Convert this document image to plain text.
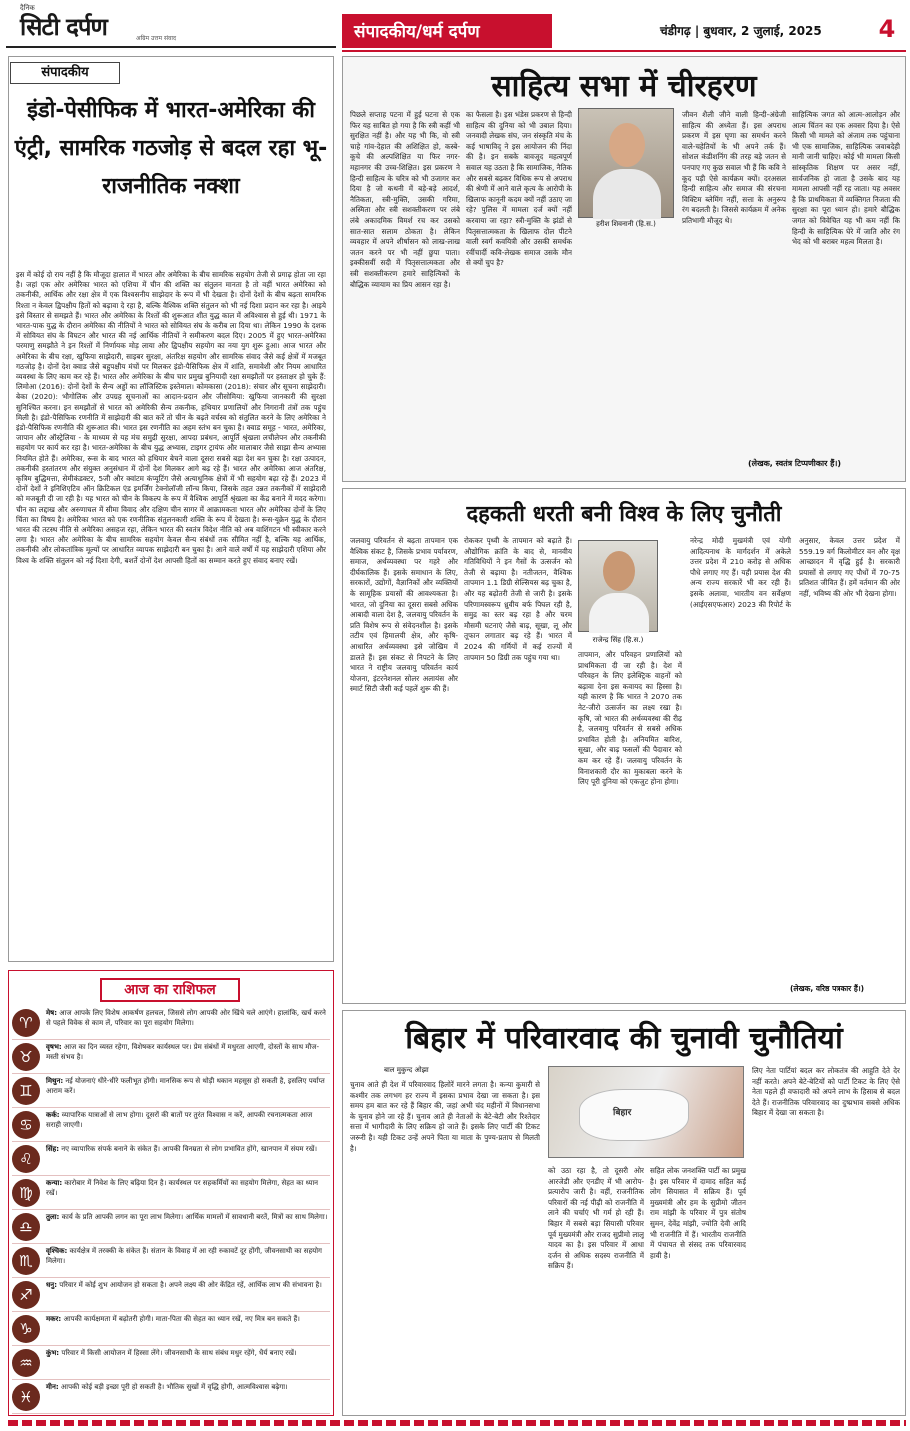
दैनिक
सिटी दर्पण	अग्रिम उत्तम संवाद	संपादकीय/धर्म दर्पण	चंडीगढ़ | बुधवार, 2 जुलाई, 2025	4
संपादकीय
इंडो-पेसीफिक में भारत-अमेरिका की एंट्री, सामरिक गठजोड़ से बदल रहा भू-राजनीतिक नक्शा
इस में कोई दो राय नहीं है कि मौजूदा हालात में भारत और अमेरिका के बीच सामरिक सहयोग तेजी से प्रगाढ़ होता जा रहा है। जहां एक ओर अमेरिका भारत को एशिया में चीन की शक्ति का संतुलन मानता है तो वहीं भारत अमेरिका को तकनीकी, आर्थिक और रक्षा क्षेत्र में एक विश्वसनीय साझेदार के रूप में भी देखता है। दोनों देशों के बीच बढ़ता सामरिक रिश्ता न केवल द्विपक्षीय हितों को बढ़ावा दे रहा है, बल्कि वैश्विक शक्ति संतुलन को भी नई दिशा प्रदान कर रहा है। आइये इसे विस्तार से समझते हैं। भारत और अमेरिका के रिश्तों की शुरूआत शीत युद्ध काल में अविश्वास से हुई थी। 1971 के भारत-पाक युद्ध के दौरान अमेरिका की नीतियों ने भारत को सोवियत संघ के करीब ला दिया था। लेकिन 1990 के दशक में सोवियत संघ के विघटन और भारत की नई आर्थिक नीतियों ने समीकरण बदल दिए। 2005 में हुए भारत-अमेरिका परमाणु समझौते ने इन रिश्तों में निर्णायक मोड़ लाया और द्विपक्षीय सहयोग का नया युग शुरू हुआ। आज भारत और अमेरिका के बीच रक्षा, खुफिया साझेदारी, साइबर सुरक्षा, अंतरिक्ष सहयोग और सामरिक संवाद जैसे कई क्षेत्रों में मजबूत गठजोड़ है। दोनों देश क्वाड जैसे बहुपक्षीय मंचों पर मिलकर इंडो-पैसिफिक क्षेत्र में शांति, समावेशी और नियम आधारित व्यवस्था के लिए काम कर रहे हैं। भारत और अमेरिका के बीच चार प्रमुख बुनियादी रक्षा समझौतों पर हस्ताक्षर हो चुके हैं: लिमोआ (2016): दोनों देशों के सैन्य अड्डों का लॉजिस्टिक इस्तेमाल। कोमकासा (2018): संचार और सूचना साझेदारी। बेका (2020): भौगोलिक और उपग्रह सूचनाओं का आदान-प्रदान और जीसोमिया: खुफिया जानकारी की सुरक्षा सुनिश्चित करना। इन समझौतों से भारत को अमेरिकी सैन्य तकनीक, हथियार प्रणालियों और निगरानी तंत्रों तक पहुंच मिली है। इंडो-पैसिफिक रणनीति में साझेदारी की बात करें तो चीन के बढ़ते वर्चस्व को संतुलित करने के लिए अमेरिका ने इंडो-पैसिफिक रणनीति की शुरूआत की। भारत इस रणनीति का अहम स्तंभ बन चुका है। क्वाड समूह - भारत, अमेरिका, जापान और ऑस्ट्रेलिया - के माध्यम से यह मंच समुद्री सुरक्षा, आपदा प्रबंधन, आपूर्ति श्रृंखला लचीलेपन और तकनीकी सहयोग पर कार्य कर रहा है। भारत-अमेरिका के बीच युद्ध अभ्यास, टाइगर ट्रायंफ और मालाबार जैसे साझा सैन्य अभ्यास नियमित होते हैं। अमेरिका, रूस के बाद भारत को हथियार बेचने वाला दूसरा सबसे बड़ा देश बन चुका है। रक्षा उत्पादन, तकनीकी हस्तांतरण और संयुक्त अनुसंधान में दोनों देश मिलकर आगे बढ़ रहे हैं। भारत और अमेरिका आज अंतरिक्ष, कृत्रिम बुद्धिमत्ता, सेमीकंडक्टर, 5जी और क्वांटम कंप्यूटिंग जैसे अत्याधुनिक क्षेत्रों में भी सहयोग बढ़ा रहे हैं। 2023 में दोनों देशों ने इनिशिएटिव ऑन क्रिटिकल एंड इमर्जिंग टेक्नोलॉजी लॉन्च किया, जिसके तहत उन्नत तकनीकों में साझेदारी को मजबूती दी जा रही है। यह भारत को चीन के विकल्प के रूप में वैश्विक आपूर्ति श्रृंखला का केंद्र बनाने में मदद करेगा। चीन का लद्दाख और अरुणाचल में सीमा विवाद और दक्षिण चीन सागर में आक्रामकता भारत और अमेरिका दोनों के लिए चिंता का विषय है। अमेरिका भारत को एक रणनीतिक संतुलनकारी शक्ति के रूप में देखता है। रूस-यूक्रेन युद्ध के दौरान भारत की तटस्थ नीति से अमेरिका असहज रहा, लेकिन भारत की स्वतंत्र विदेश नीति को अब वाशिंगटन भी स्वीकार करने लगा है। भारत और अमेरिका के बीच सामरिक सहयोग केवल सैन्य संबंधों तक सीमित नहीं है, बल्कि यह आर्थिक, तकनीकी और लोकतांत्रिक मूल्यों पर आधारित व्यापक साझेदारी बन चुका है। आने वाले वर्षों में यह साझेदारी एशिया और विश्व के शक्ति संतुलन को नई दिशा देगी, बशर्ते दोनों देश आपसी हितों का सम्मान करते हुए संवाद बनाए रखें।
आज का राशिफल
♈
मेष: आज आपके लिए विशेष आकर्षण हलचल, जिससे लोग आपकी ओर खिंचे चले आएंगे। हालांकि, खर्च करने से पहले विवेक से काम लें, परिवार का पूरा सहयोग मिलेगा।
♉
वृषभ: आज का दिन व्यस्त रहेगा, विशेषकर कार्यस्थल पर। प्रेम संबंधों में मधुरता आएगी, दोस्तों के साथ मौज-मस्ती संभव है।
♊
मिथुन: नई योजनाएं धीरे-धीरे फलीभूत होंगी। मानसिक रूप से थोड़ी थकान महसूस हो सकती है, इसलिए पर्याप्त आराम करें।
♋
कर्क: व्यापारिक यात्राओं से लाभ होगा। दूसरों की बातों पर तुरंत विश्वास न करें, आपकी रचनात्मकता आज सराही जाएगी।
♌
सिंह: नए व्यापारिक संपर्क बनाने के संकेत हैं। आपकी विनम्रता से लोग प्रभावित होंगे, खानपान में संयम रखें।
♍
कन्या: कारोबार में निवेश के लिए बढ़िया दिन है। कार्यस्थल पर सहकर्मियों का सहयोग मिलेगा, सेहत का ध्यान रखें।
♎
तुला: कार्य के प्रति आपकी लगन का पूरा लाभ मिलेगा। आर्थिक मामलों में सावधानी बरतें, मित्रों का साथ मिलेगा।
♏
वृश्चिक: कार्यक्षेत्र में तरक्की के संकेत हैं। संतान के विवाह में आ रही रुकावटें दूर होंगी, जीवनसाथी का सहयोग मिलेगा।
♐
धनु: परिवार में कोई शुभ आयोजन हो सकता है। अपने लक्ष्य की ओर केंद्रित रहें, आर्थिक लाभ की संभावना है।
♑
मकर: आपकी कार्यक्षमता में बढ़ोतरी होगी। माता-पिता की सेहत का ध्यान रखें, नए मित्र बन सकते हैं।
♒
कुंभ: परिवार में किसी आयोजन में हिस्सा लेंगे। जीवनसाथी के साथ संबंध मधुर रहेंगे, धैर्य बनाए रखें।
♓
मीन: आपकी कोई बड़ी इच्छा पूरी हो सकती है। भौतिक सुखों में वृद्धि होगी, आत्मविश्वास बढ़ेगा।
साहित्य सभा में चीरहरण
पिछले सप्ताह पटना में हुई घटना से एक फिर यह साबित हो गया है कि स्त्री कहीं भी सुरक्षित नहीं है। और यह भी कि, वो स्त्री चाहे गांव-देहात की अशिक्षित हो, कस्बे-कूचे की अल्पशिक्षित या फिर नगर-महानगर की उच्च-शिक्षित। इस प्रकरण ने हिन्दी साहित्य के चरित्र को भी उजागर कर दिया है जो कथनी में बड़े-बड़े आदर्श, नैतिकता, स्त्री-मुक्ति, उसकी गरिमा, अस्मिता और स्त्री सशक्तीकरण पर लंबे लंबे अकादमिक विमर्श रच कर उसको सात-सात सलाम ठोकता है। लेकिन व्यवहार में अपने शीर्षासन को लाख-लाख जतन करने पर भी नहीं छुपा पाता। इक्कीसवीं सदी में पितृसत्तात्मकता और स्त्री सशक्तीकरण हमारे साहित्यिकों के बौद्धिक व्यायाम का प्रिय आसन रहा है।
का फैसला है। इस भंडेस प्रकरण से हिन्दी साहित्य की दुनिया को भी उबाल दिया। जनवादी लेखक संघ, जन संस्कृति मंच के कई भाषाविद् ने इस आयोजन की निंदा की है। इन सबके बावजूद महत्वपूर्ण सवाल यह उठता है कि सामाजिक, नैतिक और सबसे बढ़कर विधिक रूप से अपराध की श्रेणी में आने वाले कृत्य के आरोपी के खिलाफ कानूनी कदम क्यों नहीं उठाए जा रहे? पुलिस में मामला दर्ज क्यों नहीं करवाया जा रहा? स्त्री-मुक्ति के झंडों से पितृसत्तात्मकता के खिलाफ दोल पीटने वाली स्वर्ग कवयित्री और उसकी समर्थक रवींचार्दी कवि-लेखक समाज उसके मौन से क्यों चुप है?
हरीश शिवनानी (हि.स.)
जीवन शैली जीने वाली हिन्दी-अंग्रेजी साहित्य की अध्येता हैं। इस अपराध प्रकरण में इस घृणा का समर्थन करने वाले-चहेतियों के भी अपने तर्क हैं। सोशल कंडीशनिंग की तरह बड़े जतन से पनपाए गए कुछ सवाल भी हैं कि कवि ने कूद पड़ी ऐसे कार्यक्रम क्यों। दरअसल हिन्दी साहित्य और समाज की संरचना विक्टिम ब्लेमिंग नहीं, सत्ता के अनुरूप रंग बदलती है। जिससे कार्यक्रम में अनेक प्रतिभागी मौजूद थे।
साहित्यिक जगत को आत्म-आलोड़न और आत्म चिंतन का एक अवसर दिया है। ऐसे किसी भी मामले को अंजाम तक पहुंचाना भी एक सामाजिक, साहित्यिक जवाबदेही मानी जानी चाहिए। कोई भी मामला किसी सांस्कृतिक शिक्षण पर असर नहीं, सार्वजनिक हो जाता है उसके बाद यह मामला आपसी नहीं रह जाता। यह अवसर है कि प्राथमिकता में व्यक्तिगत निजता की सुरक्षा का पूरा ध्यान हो। हमारे बौद्धिक जगत को विवेचित यह भी कम नहीं कि हिन्दी के साहित्यिक घेरे में जाति और रंग भेद को भी बराबर महत्व मिलता है।
(लेखक, स्वतंत्र टिप्पणीकार हैं।)
दहकती धरती बनी विश्व के लिए चुनौती
जलवायु परिवर्तन से बढ़ता तापमान एक वैश्विक संकट है, जिसके प्रभाव पर्यावरण, समाज, अर्थव्यवस्था पर गहरे और दीर्घकालिक हैं। इसके समाधान के लिए, सरकारों, उद्योगों, वैज्ञानिकों और व्यक्तियों के सामूहिक प्रयासों की आवश्यकता है। भारत, जो दुनिया का दूसरा सबसे अधिक आबादी वाला देश है, जलवायु परिवर्तन के प्रति विशेष रूप से संवेदनशील है। इसके तटीय एवं हिमालयी क्षेत्र, और कृषि-आधारित अर्थव्यवस्था इसे जोखिम में डालते हैं। इस संकट से निपटने के लिए भारत ने राष्ट्रीय जलवायु परिवर्तन कार्य योजना, इंटरनेशनल सोलर अलायंस और स्मार्ट सिटी जैसी कई पहलें शुरू की हैं।
रोककर पृथ्वी के तापमान को बढ़ाते हैं। औद्योगिक क्रांति के बाद से, मानवीय गतिविधियों ने इन गैसों के उत्सर्जन को तेजी से बढ़ाया है। नतीजतन, वैश्विक तापमान 1.1 डिग्री सेल्सियस बढ़ चुका है, और यह बढ़ोतरी तेजी से जारी है। इसके परिणामस्वरूप ध्रुवीय बर्फ पिघल रही है, समुद्र का स्तर बढ़ रहा है और चरम मौसमी घटनाएं जैसे बाढ़, सूखा, लू और तूफान लगातार बढ़ रहे हैं। भारत में 2024 की गर्मियों में कई राज्यों में तापमान 50 डिग्री तक पहुंच गया था।
राजेन्द्र सिंह (हि.स.)
तापमान, और परिवहन प्रणालियों को प्राथमिकता दी जा रही है। देश में परिवहन के लिए इलेक्ट्रिक वाहनों को बढ़ावा देना इस कवायद का हिस्सा है। यही कारण है कि भारत ने 2070 तक नेट-जीरो उत्सर्जन का लक्ष्य रखा है। कृषि, जो भारत की अर्थव्यवस्था की रीढ़ है, जलवायु परिवर्तन से सबसे अधिक प्रभावित होती है। अनियमित बारिश, सूखा, और बाढ़ फसलों की पैदावार को कम कर रहे हैं। जलवायु परिवर्तन के विनाशकारी दौर का मुकाबला करने के लिए पूरी दुनिया को एकजुट होना होगा।
नरेन्द्र मोदी मुखमंत्री एवं योगी आदित्यनाथ के मार्गदर्शन में अकेले उत्तर प्रदेश में 210 करोड़ से अधिक पौधे लगाए गए हैं। यही प्रयास देश की अन्य राज्य सरकारें भी कर रही हैं। इसके अलावा, भारतीय वन सर्वेक्षण (आईएसएफआर) 2023 की रिपोर्ट के अनुसार, केवल उत्तर प्रदेश में 559.19 वर्ग किलोमीटर वन और वृक्ष आच्छादन में वृद्धि हुई है। सरकारी प्रयासों से लगाए गए पौधों में 70-75 प्रतिशत जीवित हैं। हमें वर्तमान की ओर नहीं, भविष्य की ओर भी देखना होगा।
(लेखक, वरिष्ठ पत्रकार हैं।)
बिहार में परिवारवाद की चुनावी चुनौतियां
बाल मुकुन्द ओझा
चुनाव आते ही देश में परिवारवाद हिलोरें मारने लगता है। कन्या कुमारी से कश्मीर तक लगभग हर राज्य में इसका प्रभाव देखा जा सकता है। इस समय हम बात कर रहे हैं बिहार की, जहां अभी चंद महीनों में विधानसभा के चुनाव होने जा रहे हैं। चुनाव आते ही नेताओं के बेटे-बेटी और रिश्तेदार सत्ता में भागीदारी के लिए सक्रिय हो जाते हैं। इसके लिए पार्टी की टिकट जरूरी है। यही टिकट उन्हें अपने पिता या माता के पुण्य-प्रताप से मिलती है।
बिहार
लिए नेता पार्टियां बदल कर लोकतंत्र की आहुति देते देर नहीं करते। अपने बेटे-बेटियों को पार्टी टिकट के लिए ऐसे नेता पहले ही वफादारी को अपने लाभ के हिसाब से बदल देते हैं। राजनीतिक परिवारवाद का दुष्प्रभाव सबसे अधिक बिहार में देखा जा सकता है।
को उठा रहा है, तो दूसरी ओर आरजेडी और एनडीए में भी आरोप-प्रत्यारोप जारी है। वहीं, राजनीतिक परिवारों की नई पीढ़ी को राजनीति में लाने की चर्चाएं भी गर्म हो रही हैं। बिहार में सबसे बड़ा सियासी परिवार पूर्व मुख्यमंत्री और राजद सुप्रीमो लालू यादव का है। इस परिवार में आधा दर्जन से अधिक सदस्य राजनीति में सक्रिय हैं।
सहित लोक जनशक्ति पार्टी का प्रमुख है। इस परिवार में दामाद सहित कई लोग सियासत में सक्रिय हैं। पूर्व मुख्यमंत्री और हम के सुप्रीमो जीतन राम मांझी के परिवार में पुत्र संतोष सुमन, देवेंद्र मांझी, ज्योति देवी आदि भी राजनीति में हैं। भारतीय राजनीति में पंचायत से संसद तक परिवारवाद हावी है।
